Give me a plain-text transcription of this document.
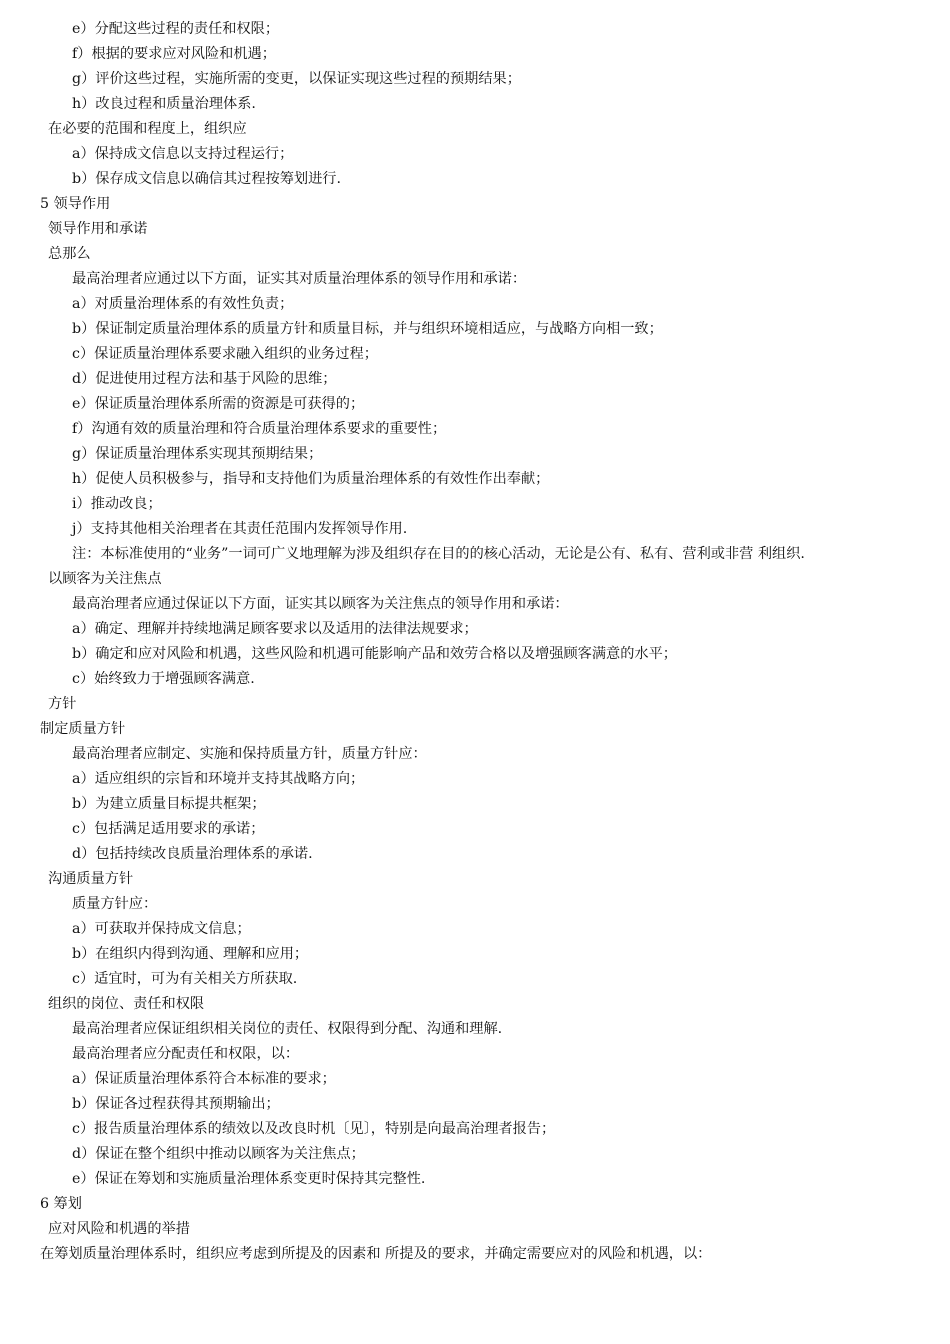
e）分配这些过程的责任和权限；
f）根据的要求应对风险和机遇；
g）评价这些过程，实施所需的变更，以保证实现这些过程的预期结果；
h）改良过程和质量治理体系.
在必要的范围和程度上，组织应
a）保持成文信息以支持过程运行；
b）保存成文信息以确信其过程按筹划进行.
5 领导作用
领导作用和承诺
总那么
最高治理者应通过以下方面，证实其对质量治理体系的领导作用和承诺：
a）对质量治理体系的有效性负责；
b）保证制定质量治理体系的质量方针和质量目标，并与组织环境相适应，与战略方向相一致；
c）保证质量治理体系要求融入组织的业务过程；
d）促进使用过程方法和基于风险的思维；
e）保证质量治理体系所需的资源是可获得的；
f）沟通有效的质量治理和符合质量治理体系要求的重要性；
g）保证质量治理体系实现其预期结果；
h）促使人员积极参与，指导和支持他们为质量治理体系的有效性作出奉献；
i）推动改良；
j）支持其他相关治理者在其责任范围内发挥领导作用.
注：本标准使用的“业务”一词可广义地理解为涉及组织存在目的的核心活动，无论是公有、私有、营利或非营 利组织.
以顾客为关注焦点
最高治理者应通过保证以下方面，证实其以顾客为关注焦点的领导作用和承诺：
a）确定、理解并持续地满足顾客要求以及适用的法律法规要求；
b）确定和应对风险和机遇，这些风险和机遇可能影响产品和效劳合格以及增强顾客满意的水平；
c）始终致力于增强顾客满意.
方针
制定质量方针
最高治理者应制定、实施和保持质量方针，质量方针应：
a）适应组织的宗旨和环境并支持其战略方向；
b）为建立质量目标提共框架；
c）包括满足适用要求的承诺；
d）包括持续改良质量治理体系的承诺.
沟通质量方针
质量方针应：
a）可获取并保持成文信息；
b）在组织内得到沟通、理解和应用；
c）适宜时，可为有关相关方所获取.
组织的岗位、责任和权限
最高治理者应保证组织相关岗位的责任、权限得到分配、沟通和理解.
最高治理者应分配责任和权限，以：
a）保证质量治理体系符合本标准的要求；
b）保证各过程获得其预期输出；
c）报告质量治理体系的绩效以及改良时机〔见〕，特别是向最高治理者报告；
d）保证在整个组织中推动以顾客为关注焦点；
e）保证在筹划和实施质量治理体系变更时保持其完整性.
6 筹划
应对风险和机遇的举措
在筹划质量治理体系时，组织应考虑到所提及的因素和 所提及的要求，并确定需要应对的风险和机遇，以：
